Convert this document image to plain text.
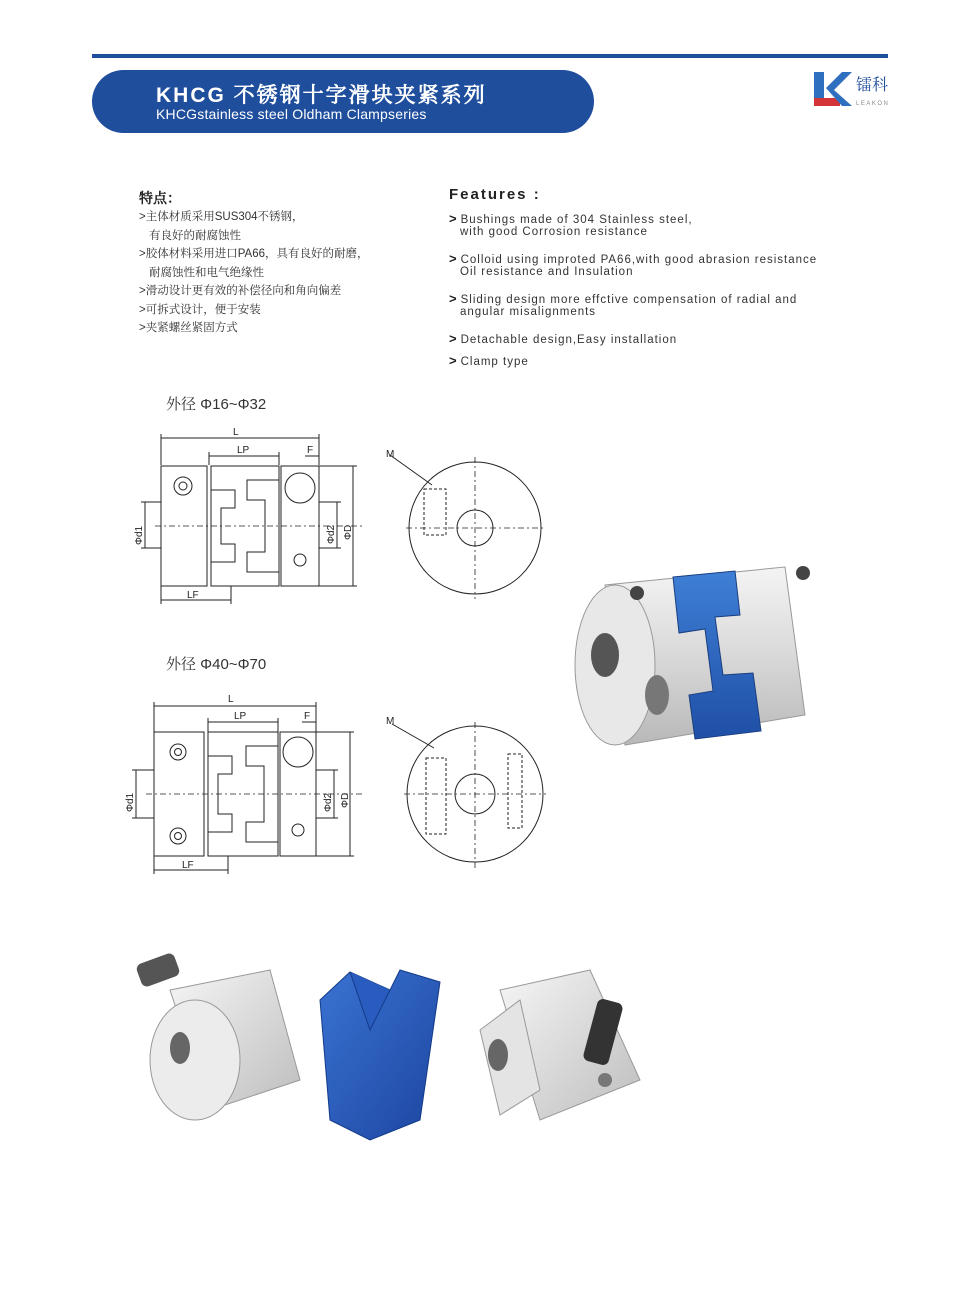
KHCG 不锈钢十字滑块夹紧系列
KHCGstainless steel Oldham Clampseries
镭科
LEAKON
特点：
>主体材质采用SUS304不锈钢，
有良好的耐腐蚀性
>胶体材料采用进口PA66，具有良好的耐磨，
耐腐蚀性和电气绝缘性
>滑动设计更有效的补偿径向和角向偏差
>可拆式设计，便于安装
>夹紧螺丝紧固方式
Features :
> Bushings made of 304 Stainless steel,
with good Corrosion resistance
> Colloid using improted PA66,with good abrasion resistance
Oil resistance and Insulation
> Sliding design more effctive compensation of radial and
angular misalignments
> Detachable design,Easy installation
> Clamp type
外径 Φ16~Φ32
外径 Φ40~Φ70
L
LP	F
LF
Φd1	Φd2 ΦD
M
L
LP	F
LF
Φd1	Φd2 ΦD
M
